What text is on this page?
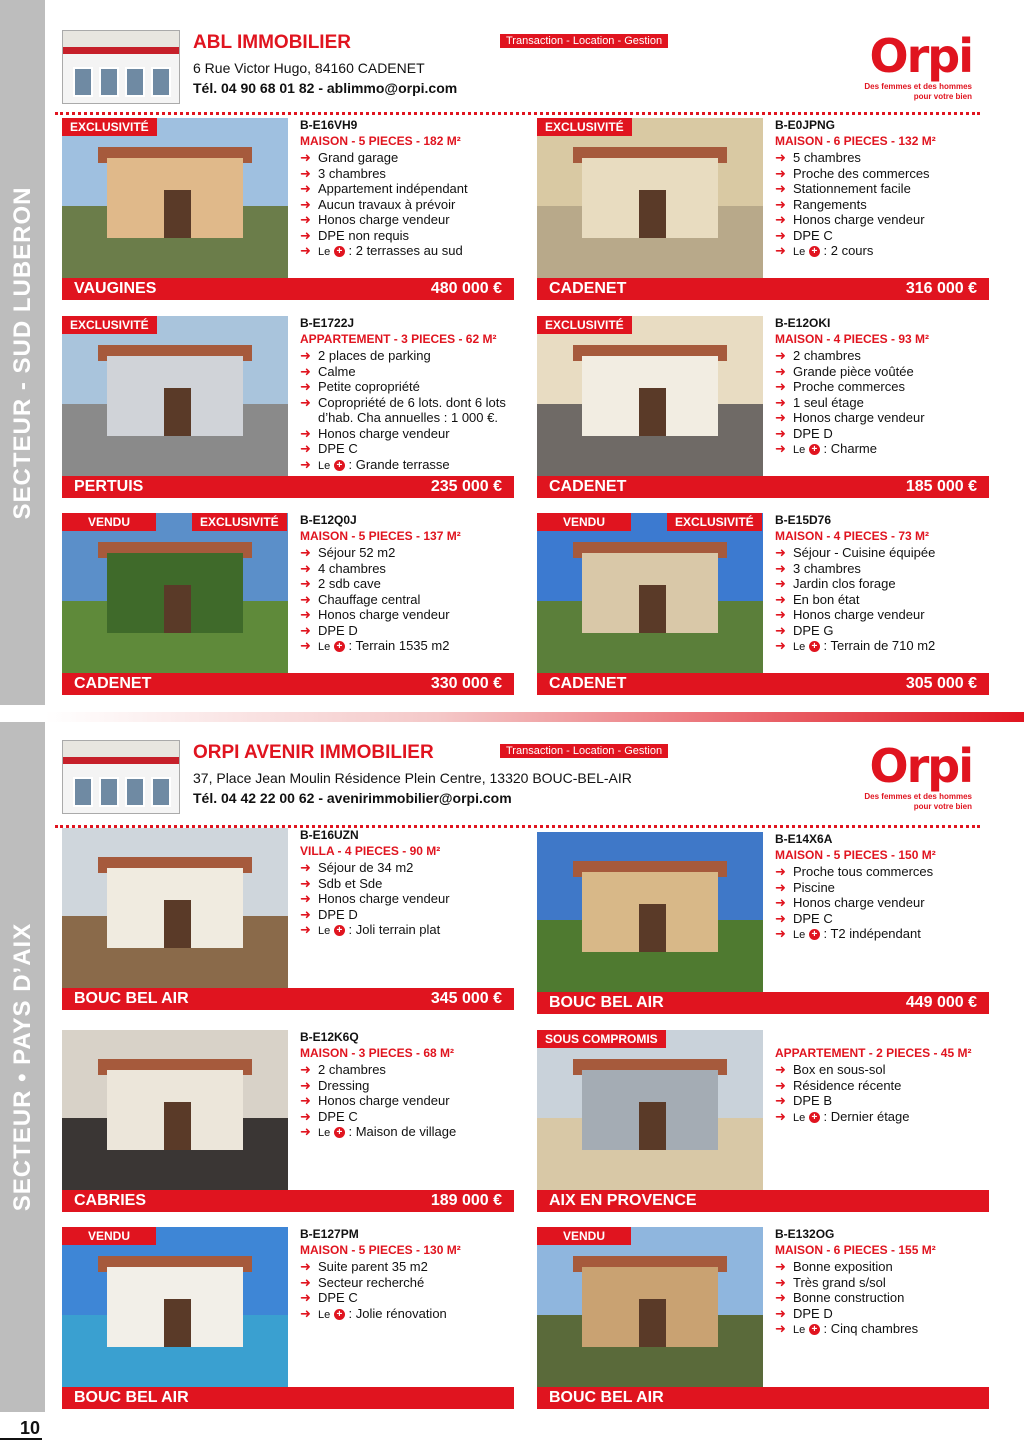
SECTEUR - SUD LUBERON
SECTEUR • PAYS D’AIX
10
ABL IMMOBILIER
6 Rue Victor Hugo, 84160 CADENET
Tél. 04 90 68 01 82 - ablimmo@orpi.com
Transaction - Location - Gestion	Orpi
Des femmes et des hommes
pour votre bien
ORPI AVENIR IMMOBILIER
37, Place Jean Moulin Résidence Plein Centre, 13320 BOUC-BEL-AIR
Tél. 04 42 22 00 62 - avenirimmobilier@orpi.com
Transaction - Location - Gestion	Orpi
Des femmes et des hommes
pour votre bien
EXCLUSIVITÉ	B-E16VH9
MAISON - 5 PIECES - 182 M²
➜ Grand garage
➜ 3 chambres
➜ Appartement indépendant
➜ Aucun travaux à prévoir
➜ Honos charge vendeur
➜ DPE non requis
➜ Le + : 2 terrasses au sud
VAUGINES	480 000 €
EXCLUSIVITÉ	B-E0JPNG
MAISON - 6 PIECES - 132 M²
➜ 5 chambres
➜ Proche des commerces
➜ Stationnement facile
➜ Rangements
➜ Honos charge vendeur
➜ DPE C
➜ Le + : 2 cours
CADENET	316 000 €
EXCLUSIVITÉ	B-E1722J
APPARTEMENT - 3 PIECES - 62 M²
➜ 2 places de parking
➜ Calme
➜ Petite copropriété
➜ Copropriété de 6 lots. dont 6 lots d’hab. Cha annuelles : 1 000 €.
➜ Honos charge vendeur
➜ DPE C
➜ Le + : Grande terrasse
PERTUIS	235 000 €
EXCLUSIVITÉ	B-E12OKI
MAISON - 4 PIECES - 93 M²
➜ 2 chambres
➜ Grande pièce voûtée
➜ Proche commerces
➜ 1 seul étage
➜ Honos charge vendeur
➜ DPE D
➜ Le + : Charme
CADENET	185 000 €
VENDU	EXCLUSIVITÉ	B-E12Q0J
MAISON - 5 PIECES - 137 M²
➜ Séjour 52 m2
➜ 4 chambres
➜ 2 sdb cave
➜ Chauffage central
➜ Honos charge vendeur
➜ DPE D
➜ Le + : Terrain 1535 m2
CADENET	330 000 €
VENDU	EXCLUSIVITÉ	B-E15D76
MAISON - 4 PIECES - 73 M²
➜ Séjour - Cuisine équipée
➜ 3 chambres
➜ Jardin clos forage
➜ En bon état
➜ Honos charge vendeur
➜ DPE G
➜ Le + : Terrain de 710 m2
CADENET	305 000 €
B-E16UZN
VILLA - 4 PIECES - 90 M²
➜ Séjour de 34 m2
➜ Sdb et Sde
➜ Honos charge vendeur
➜ DPE D
➜ Le + : Joli terrain plat
BOUC BEL AIR	345 000 €
B-E14X6A
MAISON - 5 PIECES - 150 M²
➜ Proche tous commerces
➜ Piscine
➜ Honos charge vendeur
➜ DPE C
➜ Le + : T2 indépendant
BOUC BEL AIR	449 000 €
B-E12K6Q
MAISON - 3 PIECES - 68 M²
➜ 2 chambres
➜ Dressing
➜ Honos charge vendeur
➜ DPE C
➜ Le + : Maison de village
CABRIES	189 000 €
SOUS COMPROMIS
APPARTEMENT - 2 PIECES - 45 M²
➜ Box en sous-sol
➜ Résidence récente
➜ DPE B
➜ Le + : Dernier étage
AIX EN PROVENCE
VENDU	B-E127PM
MAISON - 5 PIECES - 130 M²
➜ Suite parent 35 m2
➜ Secteur recherché
➜ DPE C
➜ Le + : Jolie rénovation
BOUC BEL AIR
VENDU	B-E132OG
MAISON - 6 PIECES - 155 M²
➜ Bonne exposition
➜ Très grand s/sol
➜ Bonne construction
➜ DPE D
➜ Le + : Cinq chambres
BOUC BEL AIR
